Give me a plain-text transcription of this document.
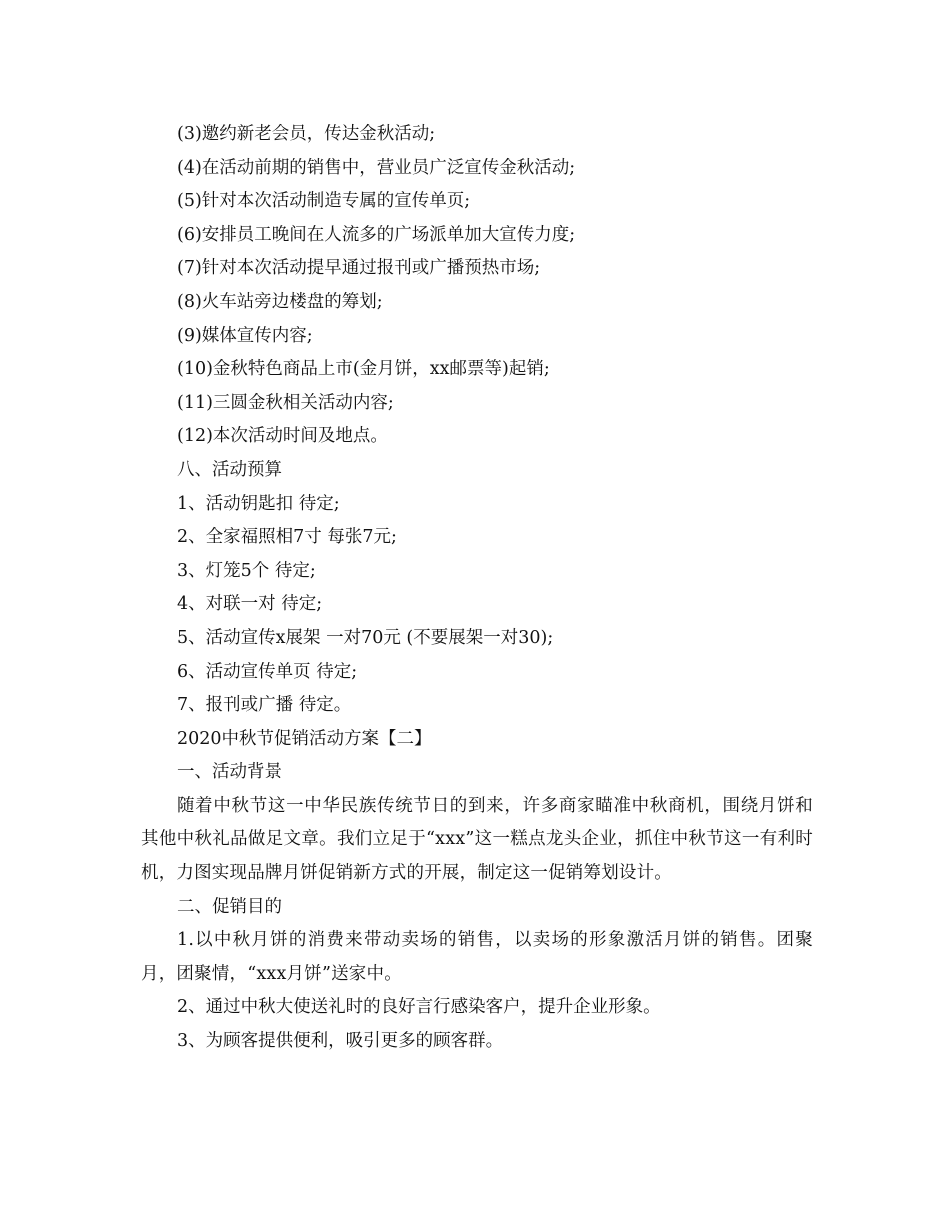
(3)邀约新老会员，传达金秋活动;
(4)在活动前期的销售中，营业员广泛宣传金秋活动;
(5)针对本次活动制造专属的宣传单页;
(6)安排员工晚间在人流多的广场派单加大宣传力度;
(7)针对本次活动提早通过报刊或广播预热市场;
(8)火车站旁边楼盘的筹划;
(9)媒体宣传内容;
(10)金秋特色商品上市(金月饼，xx邮票等)起销;
(11)三圆金秋相关活动内容;
(12)本次活动时间及地点。
八、活动预算
1、活动钥匙扣 待定;
2、全家福照相7寸 每张7元;
3、灯笼5个 待定;
4、对联一对 待定;
5、活动宣传x展架 一对70元 (不要展架一对30);
6、活动宣传单页 待定;
7、报刊或广播 待定。
2020中秋节促销活动方案【二】
一、活动背景
随着中秋节这一中华民族传统节日的到来，许多商家瞄准中秋商机，围绕月饼和其他中秋礼品做足文章。我们立足于“xxx”这一糕点龙头企业，抓住中秋节这一有利时机，力图实现品牌月饼促销新方式的开展，制定这一促销筹划设计。
二、促销目的
1.以中秋月饼的消费来带动卖场的销售，以卖场的形象激活月饼的销售。团聚月，团聚情，“xxx月饼”送家中。
2、通过中秋大使送礼时的良好言行感染客户，提升企业形象。
3、为顾客提供便利，吸引更多的顾客群。
